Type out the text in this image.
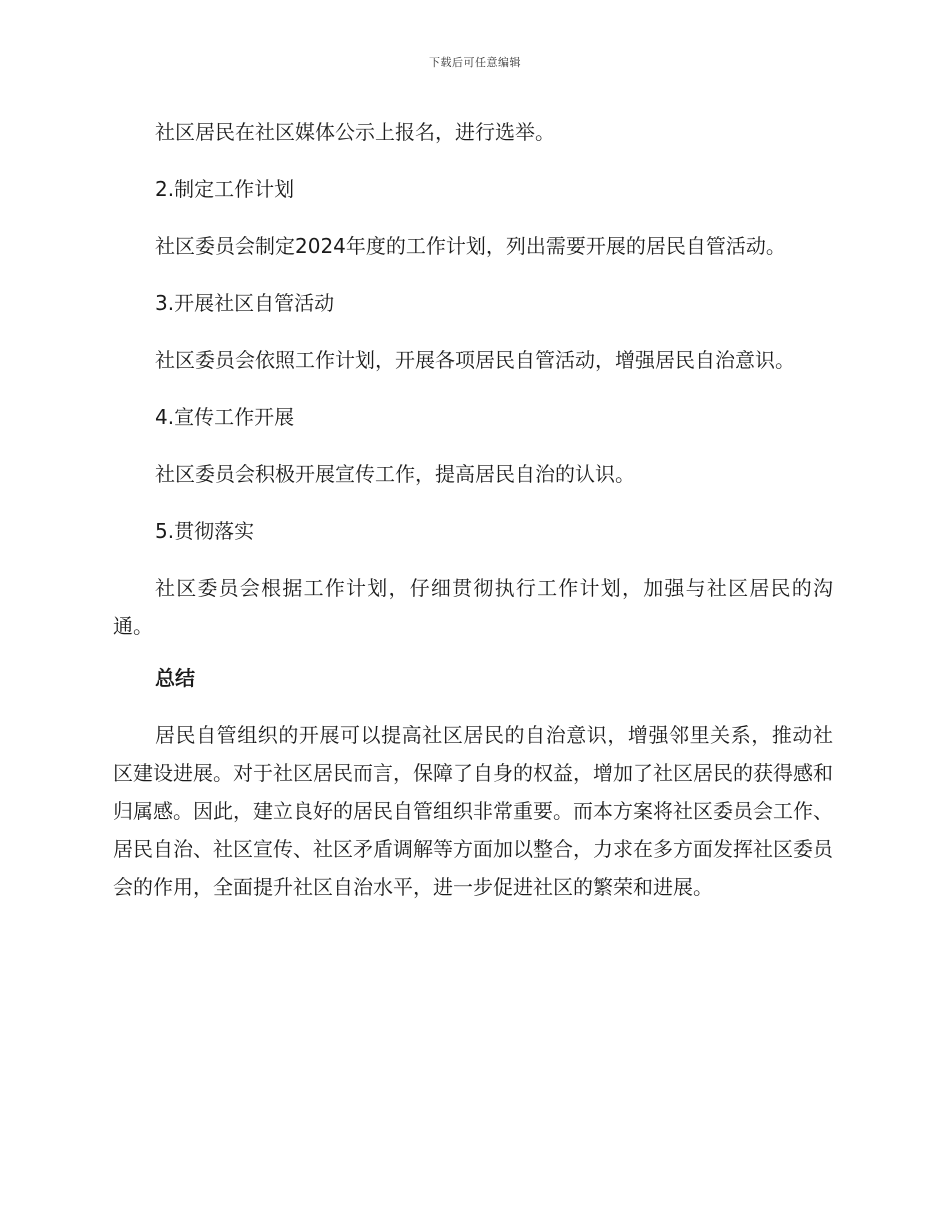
下载后可任意编辑

社区居民在社区媒体公示上报名，进行选举。

2.制定工作计划

社区委员会制定2024年度的工作计划，列出需要开展的居民自管活动。

3.开展社区自管活动

社区委员会依照工作计划，开展各项居民自管活动，增强居民自治意识。

4.宣传工作开展

社区委员会积极开展宣传工作，提高居民自治的认识。

5.贯彻落实

社区委员会根据工作计划，仔细贯彻执行工作计划，加强与社区居民的沟通。

总结

居民自管组织的开展可以提高社区居民的自治意识，增强邻里关系，推动社区建设进展。对于社区居民而言，保障了自身的权益，增加了社区居民的获得感和归属感。因此，建立良好的居民自管组织非常重要。而本方案将社区委员会工作、居民自治、社区宣传、社区矛盾调解等方面加以整合，力求在多方面发挥社区委员会的作用，全面提升社区自治水平，进一步促进社区的繁荣和进展。
